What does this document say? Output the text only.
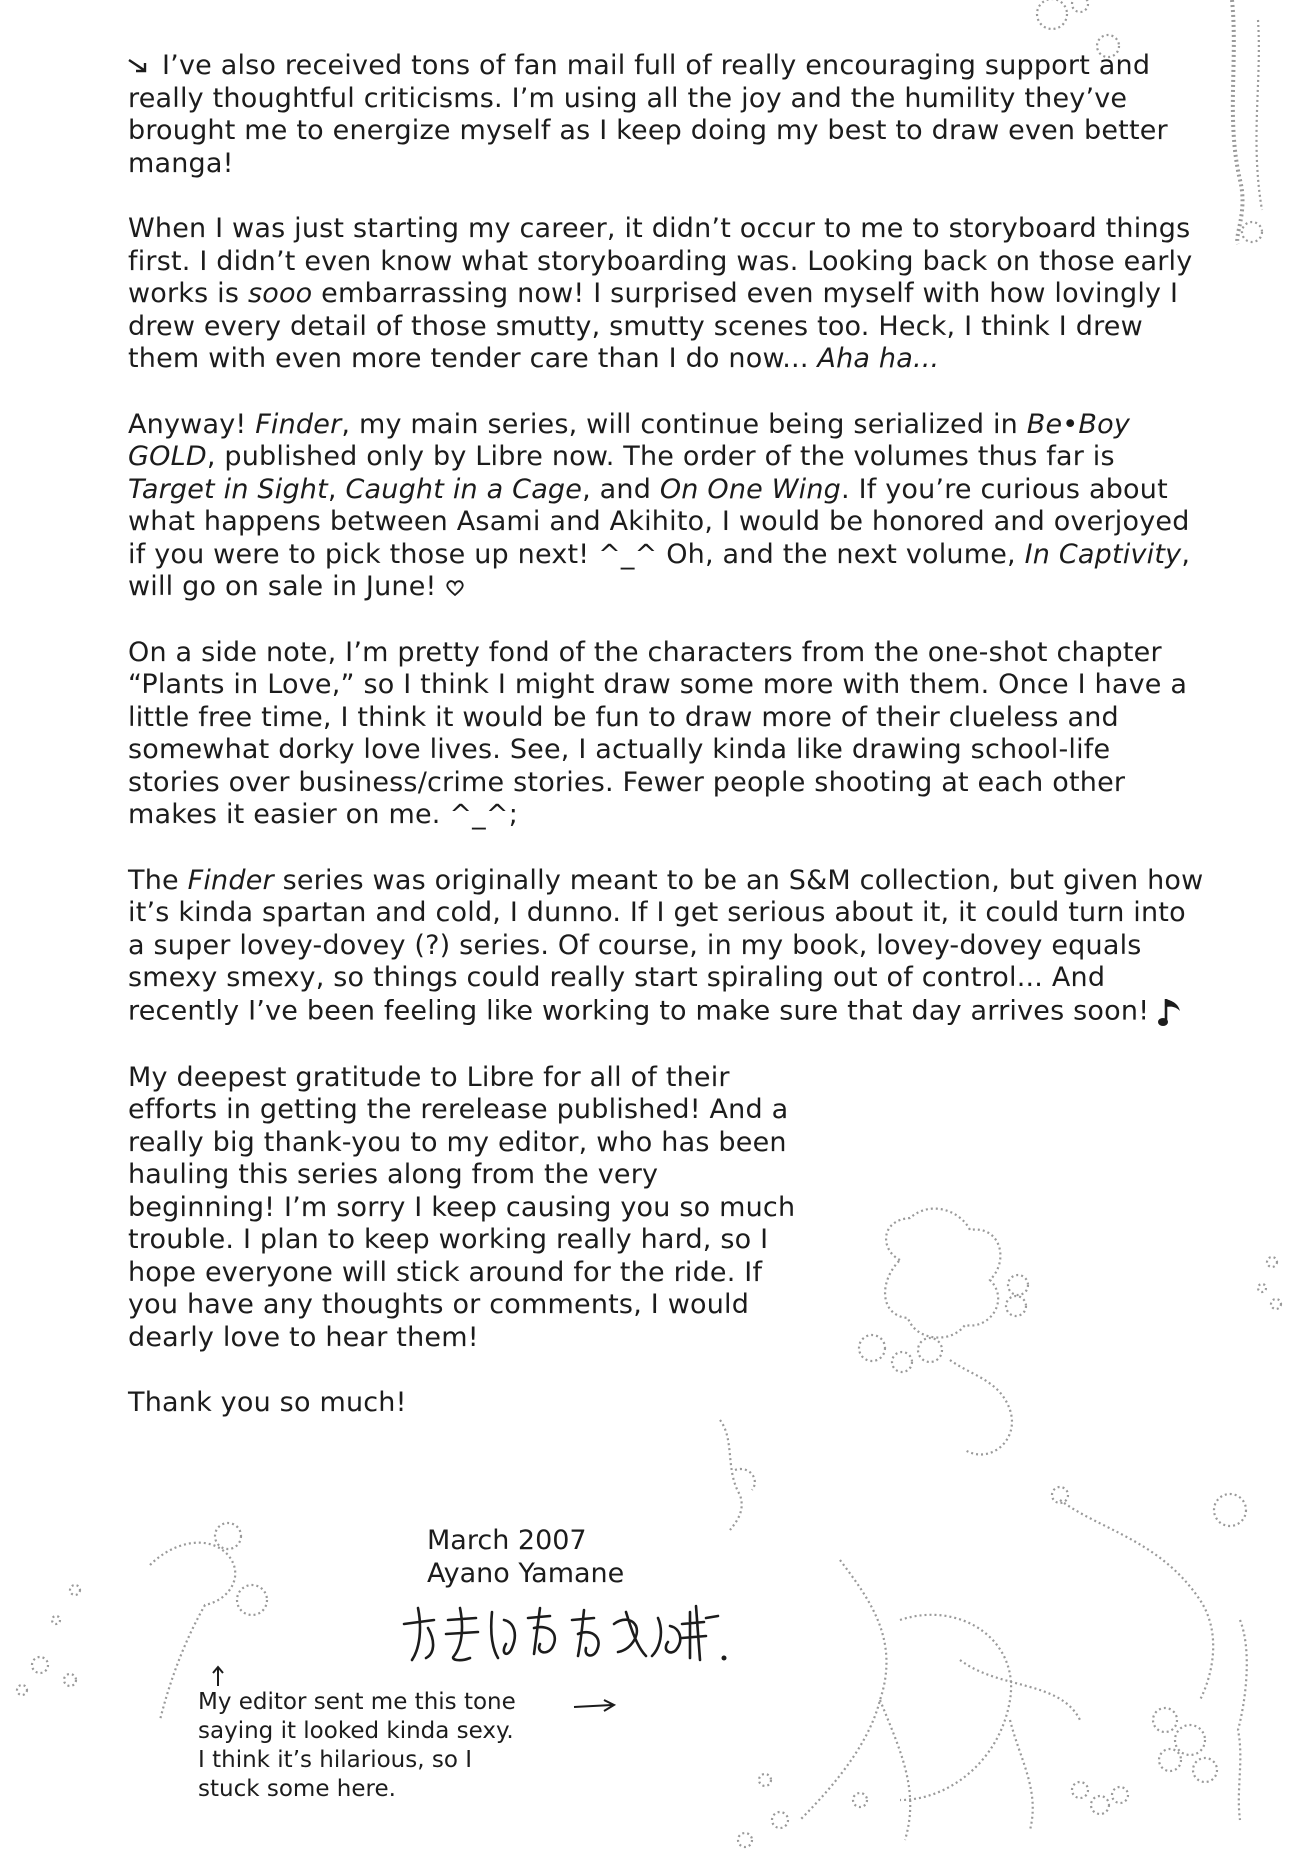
I’ve also received tons of fan mail full of really encouraging support and really thoughtful criticisms. I’m using all the joy and the humility they’ve brought me to energize myself as I keep doing my best to draw even better manga!

When I was just starting my career, it didn’t occur to me to storyboard things first. I didn’t even know what storyboarding was. Looking back on those early works is sooo embarrassing now! I surprised even myself with how lovingly I drew every detail of those smutty, smutty scenes too. Heck, I think I drew them with even more tender care than I do now... Aha ha...

Anyway! Finder, my main series, will continue being serialized in Be•Boy GOLD, published only by Libre now. The order of the volumes thus far is Target in Sight, Caught in a Cage, and On One Wing. If you’re curious about what happens between Asami and Akihito, I would be honored and overjoyed if you were to pick those up next! ^_^ Oh, and the next volume, In Captivity, will go on sale in June!

On a side note, I’m pretty fond of the characters from the one-shot chapter “Plants in Love,” so I think I might draw some more with them. Once I have a little free time, I think it would be fun to draw more of their clueless and somewhat dorky love lives. See, I actually kinda like drawing school-life stories over business/crime stories. Fewer people shooting at each other makes it easier on me. ^_^;

The Finder series was originally meant to be an S&M collection, but given how it’s kinda spartan and cold, I dunno. If I get serious about it, it could turn into a super lovey-dovey (?) series. Of course, in my book, lovey-dovey equals smexy smexy, so things could really start spiraling out of control... And recently I’ve been feeling like working to make sure that day arrives soon!

My deepest gratitude to Libre for all of their efforts in getting the rerelease published! And a really big thank-you to my editor, who has been hauling this series along from the very beginning! I’m sorry I keep causing you so much trouble. I plan to keep working really hard, so I hope everyone will stick around for the ride. If you have any thoughts or comments, I would dearly love to hear them!

Thank you so much!

March 2007
Ayano Yamane
My editor sent me this tone
saying it looked kinda sexy.
I think it’s hilarious, so I
stuck some here.
